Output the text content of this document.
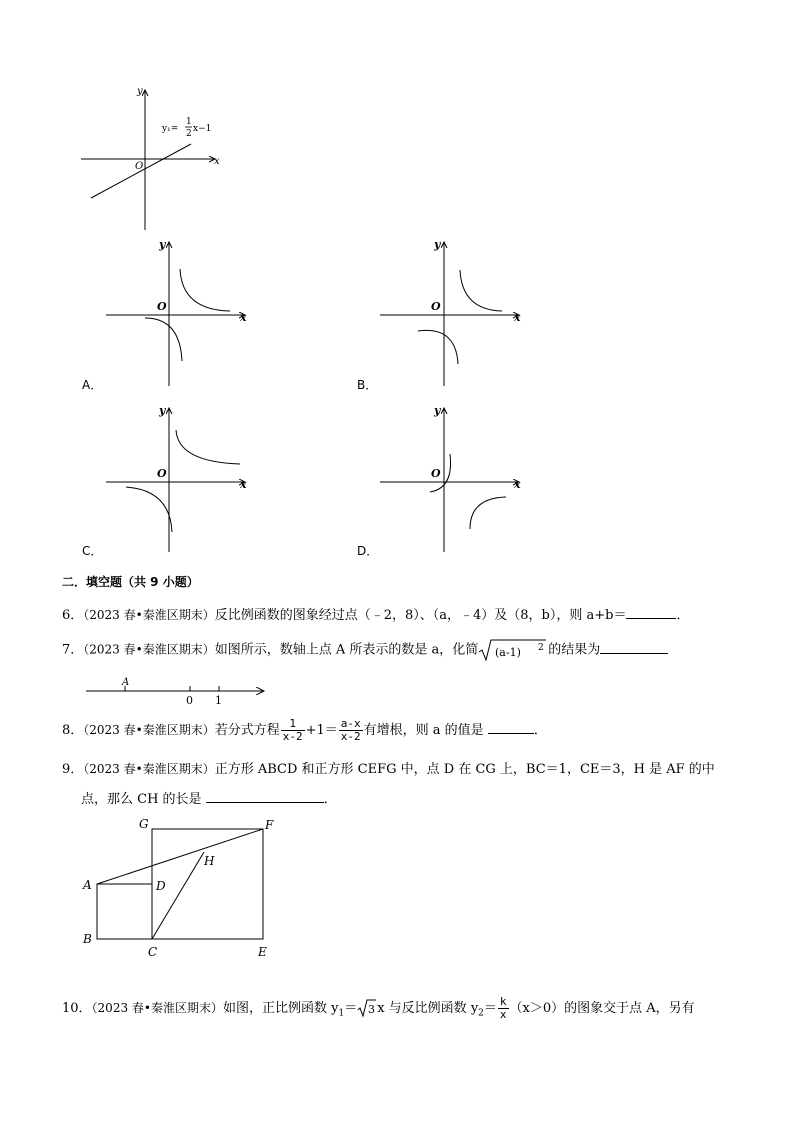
y
x
O
y₁=
1
2 x−1
y
x
O
A．
y
x
O
B．
y
x
O
C．
y
x
O
D．
二．填空题（共 9 小题）
6．（2023 春•秦淮区期末）反比例函数的图象经过点（﹣2，8）、（a，﹣4）及（8，b），则 a+b＝	．
7．（2023 春•秦淮区期末）如图所示，数轴上点 A 所表示的数是 a，化简 (a-1) 2 的结果为
A
0 1
8．（2023 春•秦淮区期末）若分式方程 $\frac{1}{x-2} +1= \frac{a-x}{x-2}$ 有增根，则 a 的值是	．
9．（2023 春•秦淮区期末）正方形 ABCD 和正方形 CEFG 中，点 D 在 CG 上，BC＝1，CE＝3，H 是 AF 的中
点，那么 CH 的长是	．
G	F
H
A	D
B
C	E
10．（2023 春•秦淮区期末）如图，正比例函数 $y_1= 3$ x 与反比例函数 $y_2= \frac{k}{x} (x>0)$的图象交于点 A，另有
